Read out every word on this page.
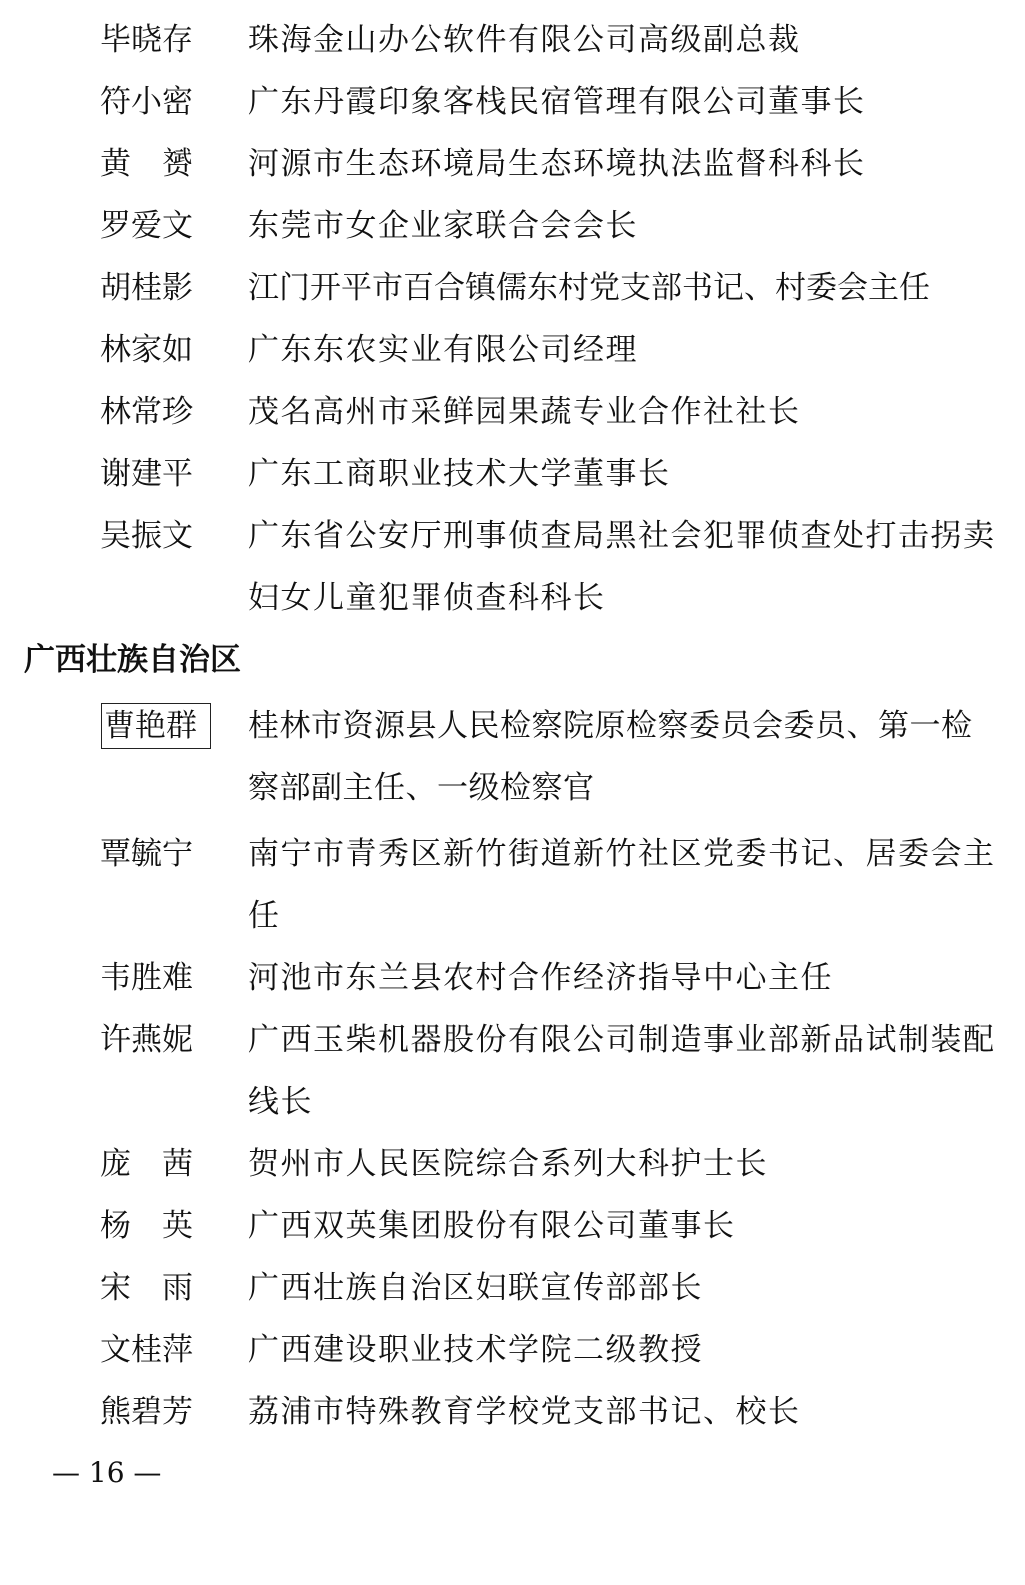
毕晓存	珠海金山办公软件有限公司高级副总裁
符小密	广东丹霞印象客栈民宿管理有限公司董事长
黄　赟	河源市生态环境局生态环境执法监督科科长
罗爱文	东莞市女企业家联合会会长
胡桂影	江门开平市百合镇儒东村党支部书记、村委会主任
林家如	广东东农实业有限公司经理
林常珍	茂名高州市采鲜园果蔬专业合作社社长
谢建平	广东工商职业技术大学董事长
吴振文	广东省公安厅刑事侦查局黑社会犯罪侦查处打击拐卖妇女儿童犯罪侦查科科长
广西壮族自治区
曹艳群	桂林市资源县人民检察院原检察委员会委员、第一检察部副主任、一级检察官
覃毓宁	南宁市青秀区新竹街道新竹社区党委书记、居委会主任
韦胜难	河池市东兰县农村合作经济指导中心主任
许燕妮	广西玉柴机器股份有限公司制造事业部新品试制装配线长
庞　茜	贺州市人民医院综合系列大科护士长
杨　英	广西双英集团股份有限公司董事长
宋　雨	广西壮族自治区妇联宣传部部长
文桂萍	广西建设职业技术学院二级教授
熊碧芳	荔浦市特殊教育学校党支部书记、校长
— 16 —
